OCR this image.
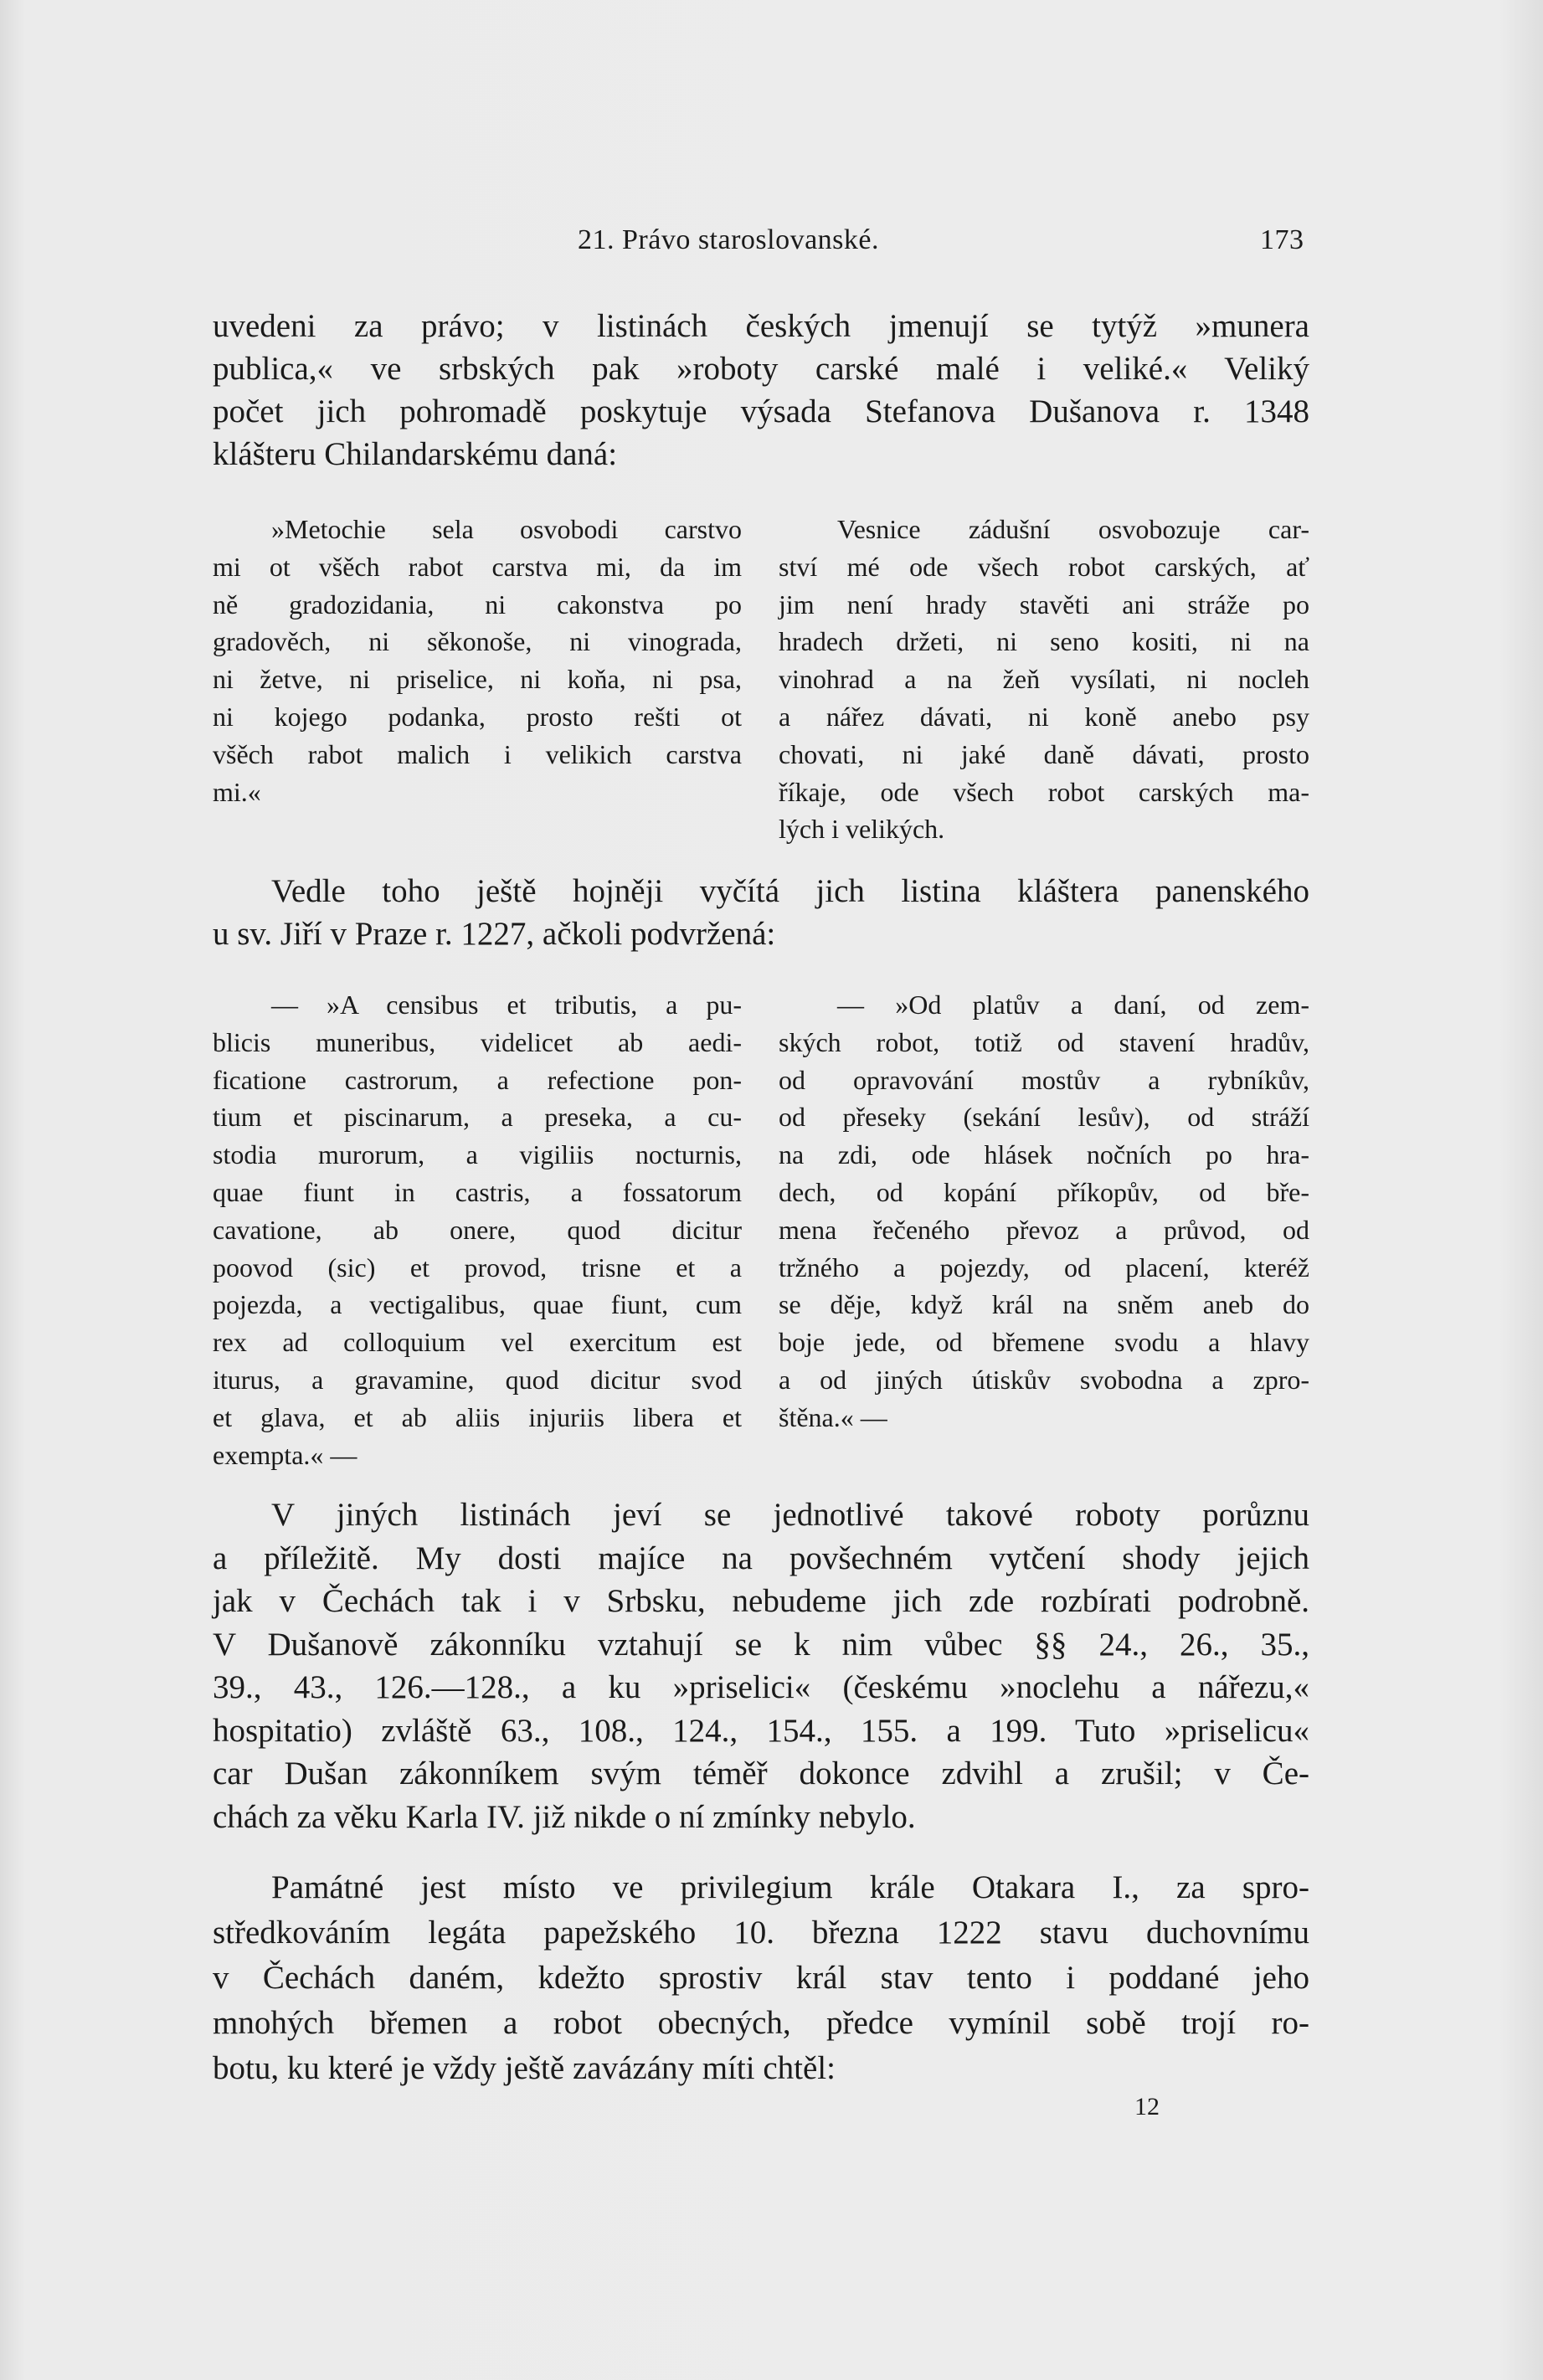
21. Právo staroslovanské.	173
uvedeni za právo; v listinách českých jmenují se tytýž »munera
publica,« ve srbských pak »roboty carské malé i veliké.« Veliký
počet jich pohromadě poskytuje výsada Stefanova Dušanova r. 1348
klášteru Chilandarskému daná:
Vedle toho ještě hojněji vyčítá jich listina kláštera panenského
u sv. Jiří v Praze r. 1227, ačkoli podvržená:
V jiných listinách jeví se jednotlivé takové roboty porůznu
a příležitě. My dosti majíce na povšechném vytčení shody jejich
jak v Čechách tak i v Srbsku, nebudeme jich zde rozbírati podrobně.
V Dušanově zákonníku vztahují se k nim vůbec §§ 24., 26., 35.,
39., 43., 126.—128., a ku »priselici« (českému »noclehu a nářezu,«
hospitatio) zvláště 63., 108., 124., 154., 155. a 199. Tuto »priselicu«
car Dušan zákonníkem svým téměř dokonce zdvihl a zrušil; v Če-
chách za věku Karla IV. již nikde o ní zmínky nebylo.
Památné jest místo ve privilegium krále Otakara I., za spro-
středkováním legáta papežského 10. března 1222 stavu duchovnímu
v Čechách daném, kdežto sprostiv král stav tento i poddané jeho
mnohých břemen a robot obecných, předce vymínil sobě trojí ro-
botu, ku které je vždy ještě zavázány míti chtěl:
»Metochie sela osvobodi carstvo
mi ot všěch rabot carstva mi, da im
ně gradozidania, ni cakonstva po
gradověch, ni sěkonoše, ni vinograda,
ni žetve, ni priselice, ni koňa, ni psa,
ni kojego podanka, prosto rešti ot
všěch rabot malich i velikich carstva
mi.«
Vesnice zádušní osvobozuje car-
ství mé ode všech robot carských, ať
jim není hrady stavěti ani stráže po
hradech držeti, ni seno kositi, ni na
vinohrad a na žeň vysílati, ni nocleh
a nářez dávati, ni koně anebo psy
chovati, ni jaké daně dávati, prosto
říkaje, ode všech robot carských ma-
lých i velikých.
— »A censibus et tributis, a pu-
blicis muneribus, videlicet ab aedi-
ficatione castrorum, a refectione pon-
tium et piscinarum, a preseka, a cu-
stodia murorum, a vigiliis nocturnis,
quae fiunt in castris, a fossatorum
cavatione, ab onere, quod dicitur
poovod (sic) et provod, trisne et a
pojezda, a vectigalibus, quae fiunt, cum
rex ad colloquium vel exercitum est
iturus, a gravamine, quod dicitur svod
et glava, et ab aliis injuriis libera et
exempta.« —
— »Od platův a daní, od zem-
ských robot, totiž od stavení hradův,
od opravování mostův a rybníkův,
od přeseky (sekání lesův), od stráží
na zdi, ode hlásek nočních po hra-
dech, od kopání příkopův, od bře-
mena řečeného převoz a průvod, od
tržného a pojezdy, od placení, kteréž
se děje, když král na sněm aneb do
boje jede, od břemene svodu a hlavy
a od jiných útiskův svobodna a zpro-
štěna.« —
12
